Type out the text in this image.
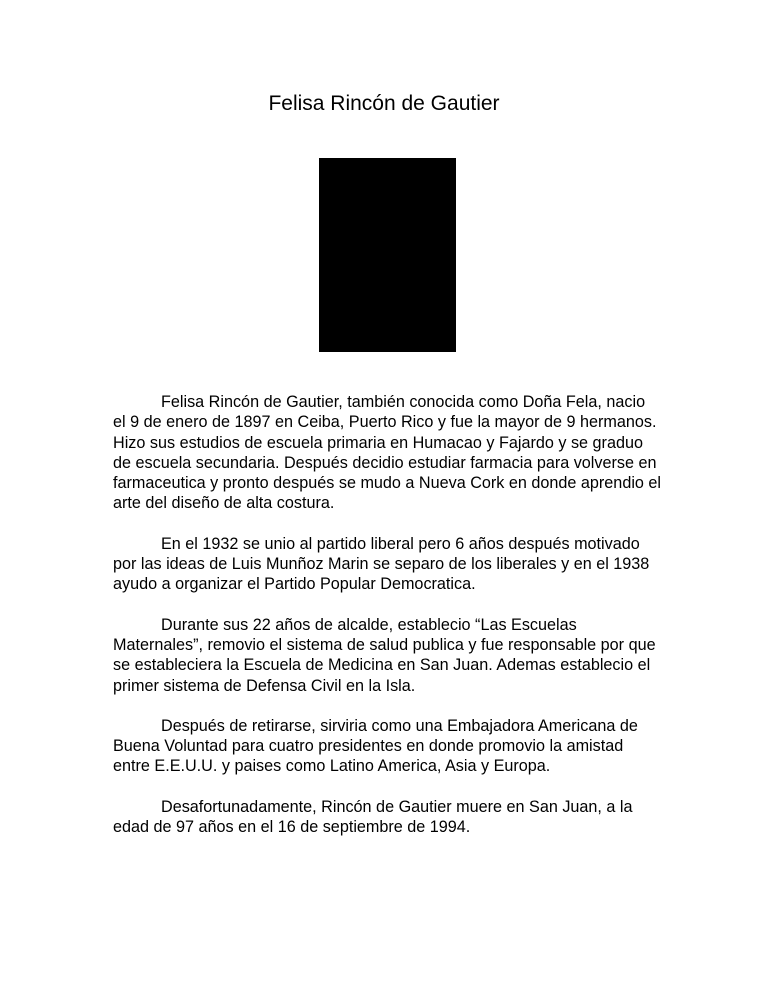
Felisa Rincón de Gautier

Felisa Rincón de Gautier, también conocida como Doña Fela, nacio el 9 de enero de 1897 en Ceiba, Puerto Rico y fue la mayor de 9 hermanos. Hizo sus estudios de escuela primaria en Humacao y Fajardo y se graduo de escuela secundaria. Después decidio estudiar farmacia para volverse en farmaceutica y pronto después se mudo a Nueva Cork en donde aprendio el arte del diseño de alta costura.

En el 1932 se unio al partido liberal pero 6 años después motivado por las ideas de Luis Munñoz Marin se separo de los liberales y en el 1938 ayudo a organizar el Partido Popular Democratica.

Durante sus 22 años de alcalde, establecio “Las Escuelas Maternales”, removio el sistema de salud publica y fue responsable por que se estableciera la Escuela de Medicina en San Juan. Ademas establecio el primer sistema de Defensa Civil en la Isla.

Después de retirarse, sirviria como una Embajadora Americana de Buena Voluntad para cuatro presidentes en donde promovio la amistad entre E.E.U.U. y paises como Latino America, Asia y Europa.

Desafortunadamente, Rincón de Gautier muere en San Juan, a la edad de 97 años en el 16 de septiembre de 1994.
